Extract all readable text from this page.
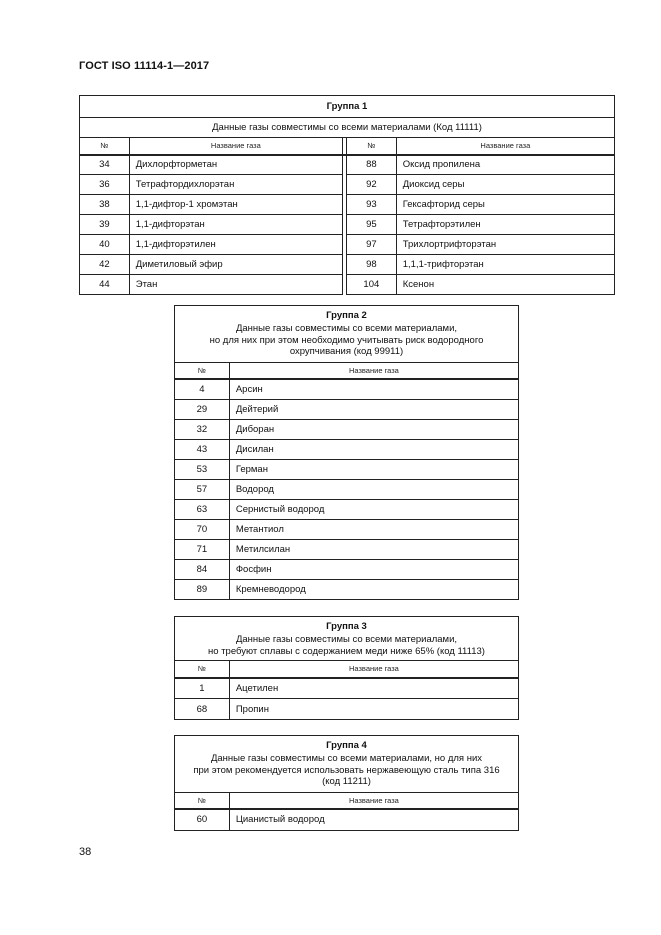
ГОСТ ISO 11114-1—2017
Группа 1				
Данные газы совместимы со всеми материалами (Код 11111)				
№	Название газа		№	Название газа
34	Дихлорфторметан		88	Оксид пропилена
36	Тетрафтордихлорэтан		92	Диоксид серы
38	1,1-дифтор-1 хромэтан		93	Гексафторид серы
39	1,1-дифторэтан		95	Тетрафторэтилен
40	1,1-дифторэтилен		97	Трихлортрифторэтан
42	Диметиловый эфир		98	1,1,1-трифторэтан
44	Этан		104	Ксенон
Группа 2
Данные газы совместимы со всеми материалами,
но для них при этом необходимо учитывать риск водородного
охрупчивания (код 99911)	

№	Название газа
4	Арсин
29	Дейтерий
32	Диборан
43	Дисилан
53	Герман
57	Водород
63	Сернистый водород
70	Метантиол
71	Метилсилан
84	Фосфин
89	Кремневодород
Группа 3
Данные газы совместимы со всеми материалами,
но требуют сплавы с содержанием меди ниже 65% (код 11113)	

№	Название газа
1	Ацетилен
68	Пропин
Группа 4
Данные газы совместимы со всеми материалами, но для них
при этом рекомендуется использовать нержавеющую сталь типа 316
(код 11211)	

№	Название газа
60	Цианистый водород
38
